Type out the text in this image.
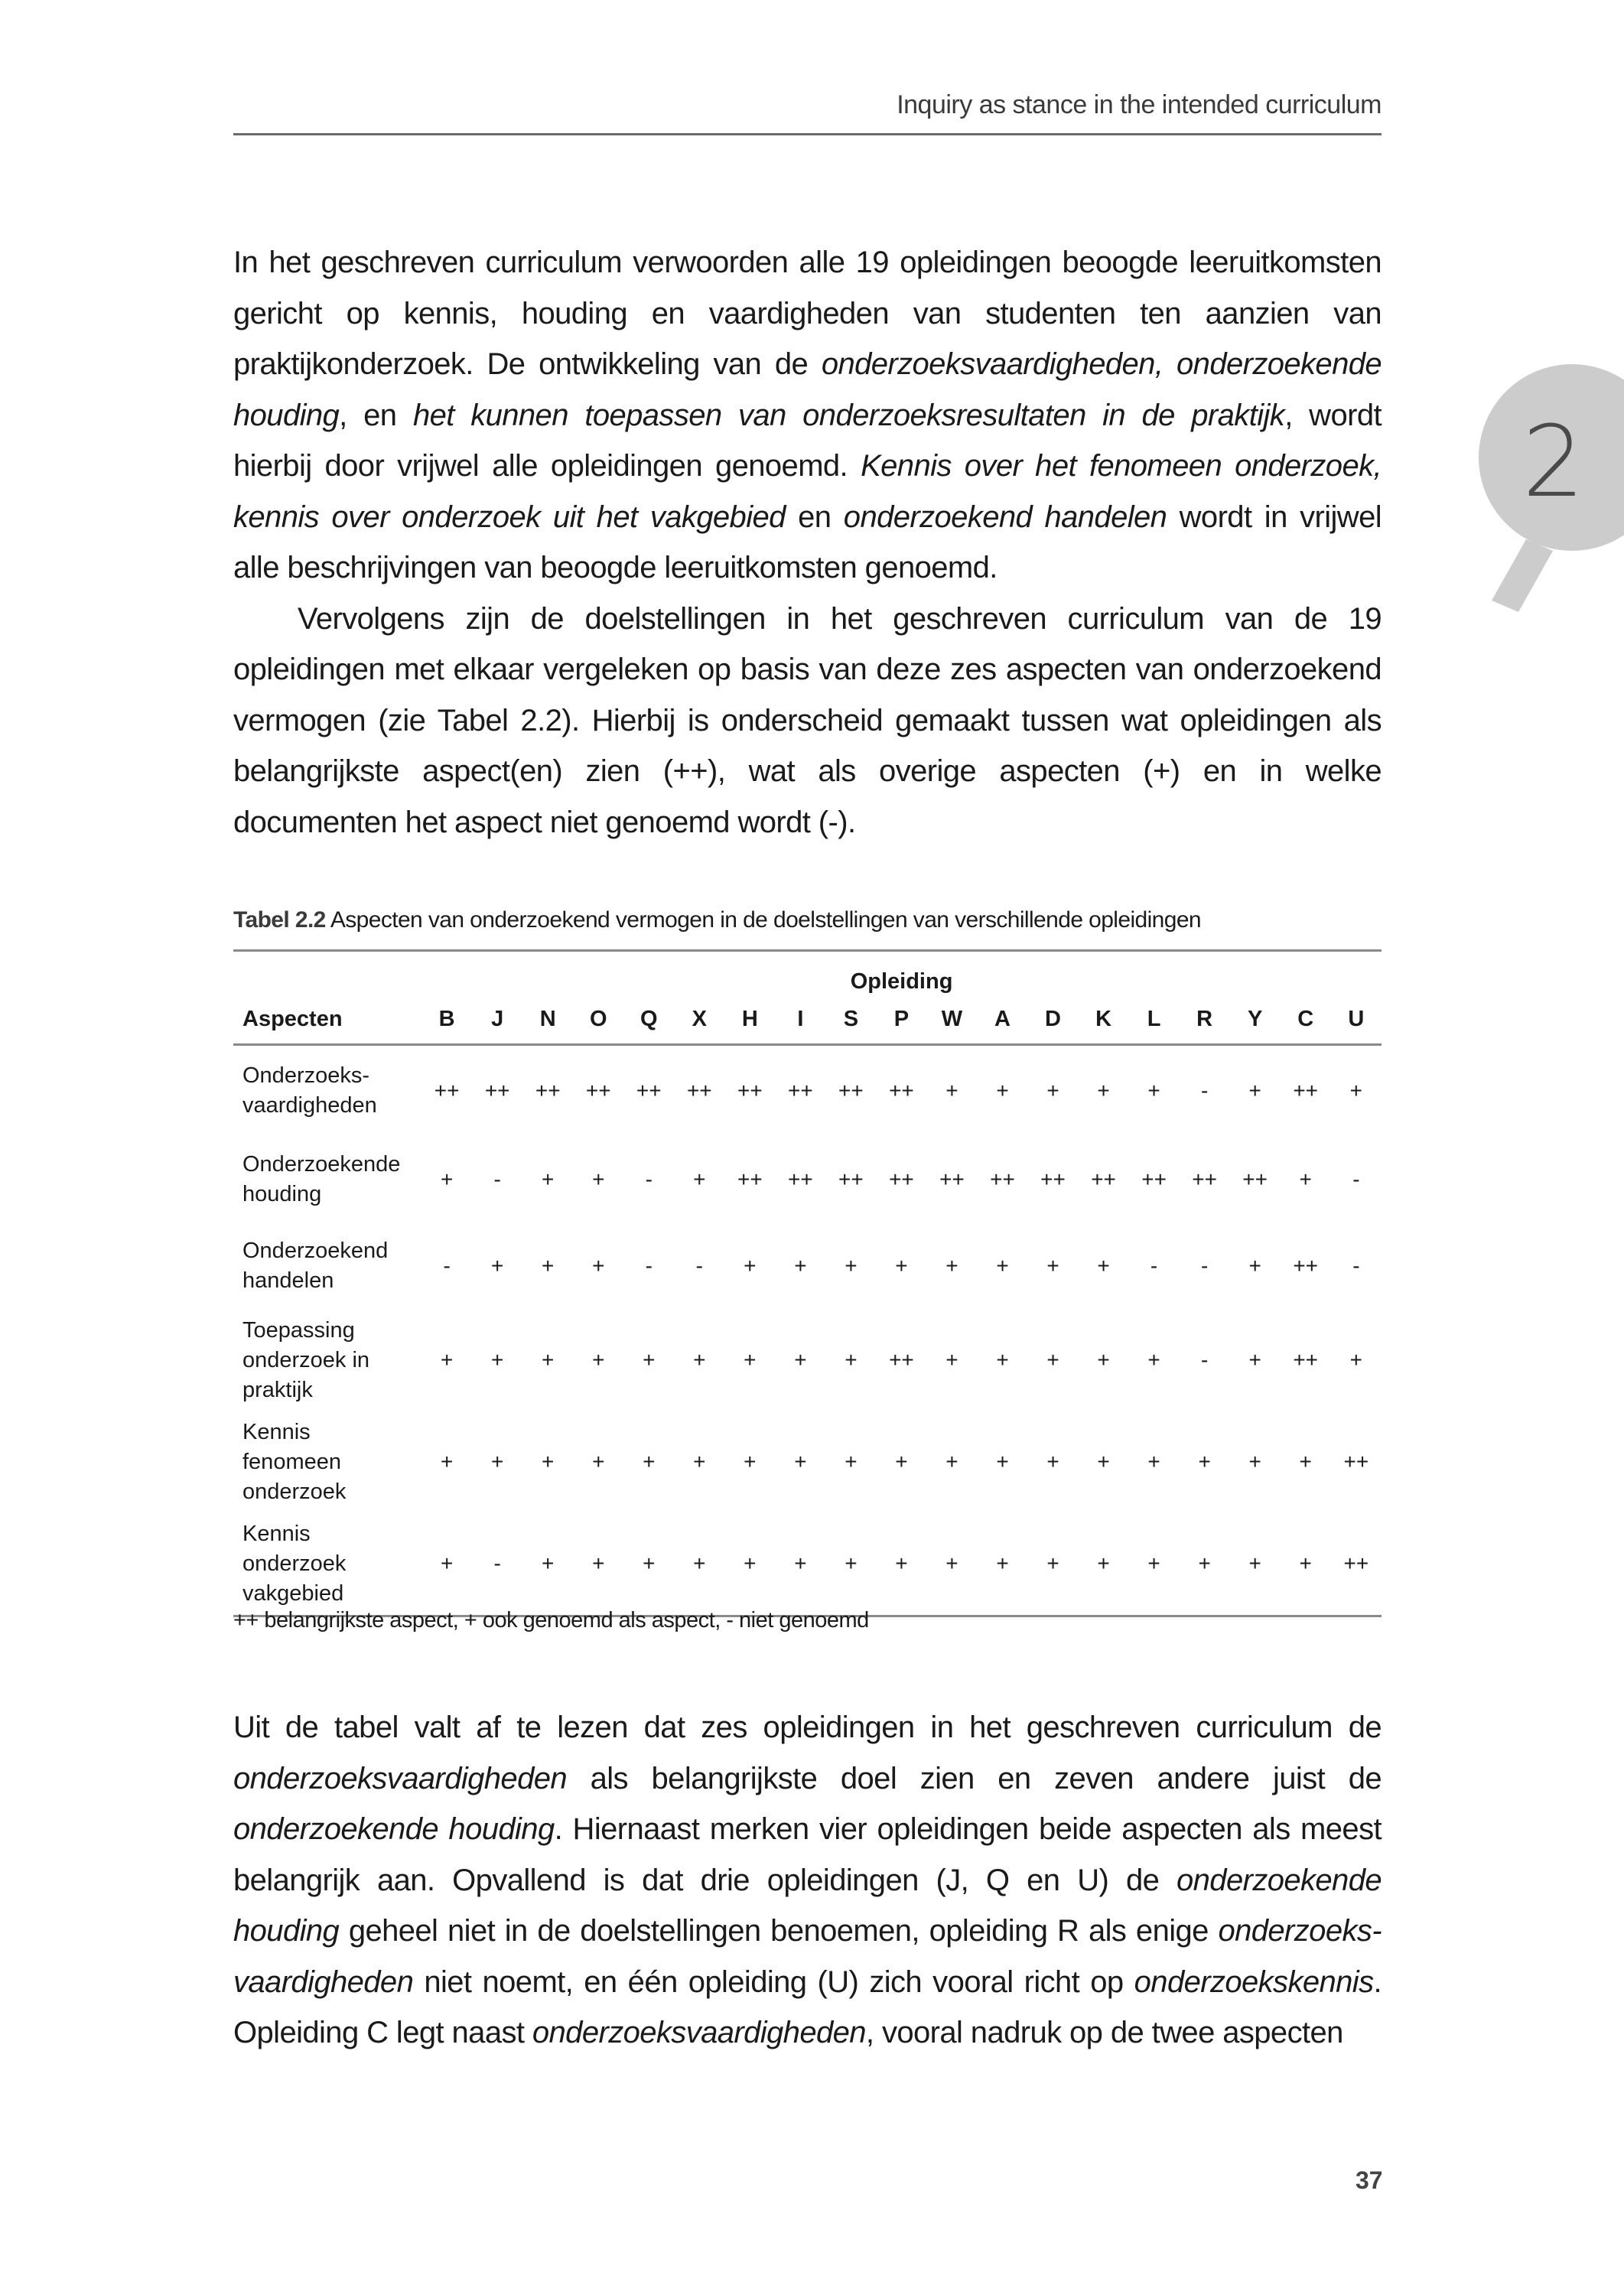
Inquiry as stance in the intended curriculum
2

In het geschreven curriculum verwoorden alle 19 opleidingen beoogde leeruitkomsten gericht op kennis, houding en vaardigheden van studenten ten aanzien van praktijkonderzoek. De ontwikkeling van de onderzoeksvaardigheden, onderzoekende houding, en het kunnen toepassen van onderzoeksresultaten in de praktijk, wordt hierbij door vrijwel alle opleidingen genoemd. Kennis over het fenomeen onderzoek, kennis over onderzoek uit het vakgebied en onderzoekend handelen wordt in vrijwel alle beschrijvingen van beoogde leeruitkomsten genoemd.

Vervolgens zijn de doelstellingen in het geschreven curriculum van de 19 opleidingen met elkaar vergeleken op basis van deze zes aspecten van onderzoekend vermogen (zie Tabel 2.2). Hierbij is onderscheid gemaakt tussen wat opleidingen als belangrijkste aspect(en) zien (++), wat als overige aspecten (+) en in welke documenten het aspect niet genoemd wordt (-).

Tabel 2.2 Aspecten van onderzoekend vermogen in de doelstellingen van verschillende opleidingen
	Opleiding																		
Aspecten	B	J	N	O	Q	X	H	I	S	P	W	A	D	K	L	R	Y	C	U
Onderzoeks-
vaardigheden	++	++	++	++	++	++	++	++	++	++	+	+	+	+	+	-	+	++	+
Onderzoekende
houding	+	-	+	+	-	+	++	++	++	++	++	++	++	++	++	++	++	+	-
Onderzoekend
handelen	-	+	+	+	-	-	+	+	+	+	+	+	+	+	-	-	+	++	-
Toepassing
onderzoek in
praktijk	+	+	+	+	+	+	+	+	+	++	+	+	+	+	+	-	+	++	+
Kennis
fenomeen
onderzoek	+	+	+	+	+	+	+	+	+	+	+	+	+	+	+	+	+	+	++
Kennis
onderzoek
vakgebied	+	-	+	+	+	+	+	+	+	+	+	+	+	+	+	+	+	+	++
++ belangrijkste aspect, + ook genoemd als aspect, - niet genoemd

Uit de tabel valt af te lezen dat zes opleidingen in het geschreven curriculum de onderzoeksvaardigheden als belangrijkste doel zien en zeven andere juist de onderzoekende houding. Hiernaast merken vier opleidingen beide aspecten als meest belangrijk aan. Opvallend is dat drie opleidingen (J, Q en U) de onderzoekende houding geheel niet in de doelstellingen benoemen, opleiding R als enige onderzoeks-vaardigheden niet noemt, en één opleiding (U) zich vooral richt op onderzoekskennis. Opleiding C legt naast onderzoeksvaardigheden, vooral nadruk op de twee aspecten

37
